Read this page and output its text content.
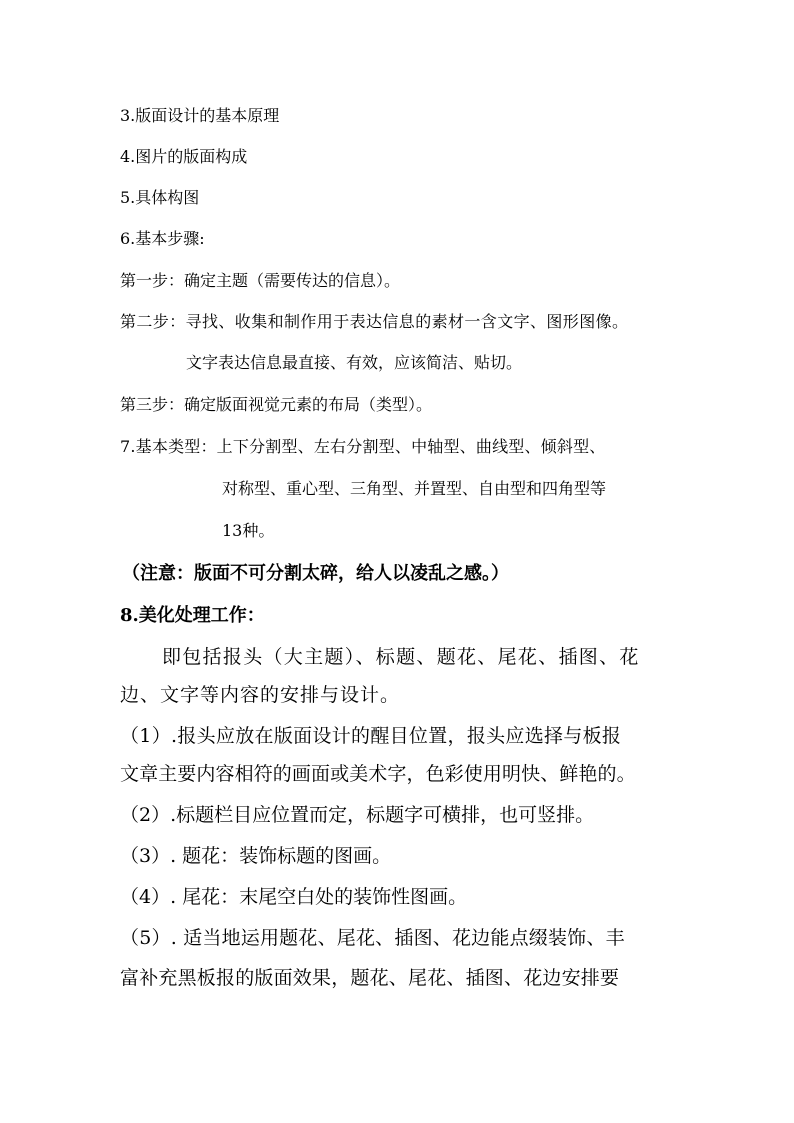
3.版面设计的基本原理

4.图片的版面构成

5.具体构图

6.基本步骤:

第一步：确定主题（需要传达的信息）。

第二步：寻找、收集和制作用于表达信息的素材一含文字、图形图像。

文字表达信息最直接、有效，应该简洁、贴切。

第三步：确定版面视觉元素的布局（类型）。

7.基本类型：上下分割型、左右分割型、中轴型、曲线型、倾斜型、

对称型、重心型、三角型、并置型、自由型和四角型等

13种。

（注意：版面不可分割太碎，给人以凌乱之感。）

8.美化处理工作：

即包括报头（大主题）、标题、题花、尾花、插图、花

边、文字等内容的安排与设计。

（1）.报头应放在版面设计的醒目位置，报头应选择与板报

文章主要内容相符的画面或美术字，色彩使用明快、鲜艳的。

（2）.标题栏目应位置而定，标题字可横排，也可竖排。

（3）. 题花：装饰标题的图画。

（4）. 尾花：末尾空白处的装饰性图画。

（5）. 适当地运用题花、尾花、插图、花边能点缀装饰、丰

富补充黑板报的版面效果，题花、尾花、插图、花边安排要
